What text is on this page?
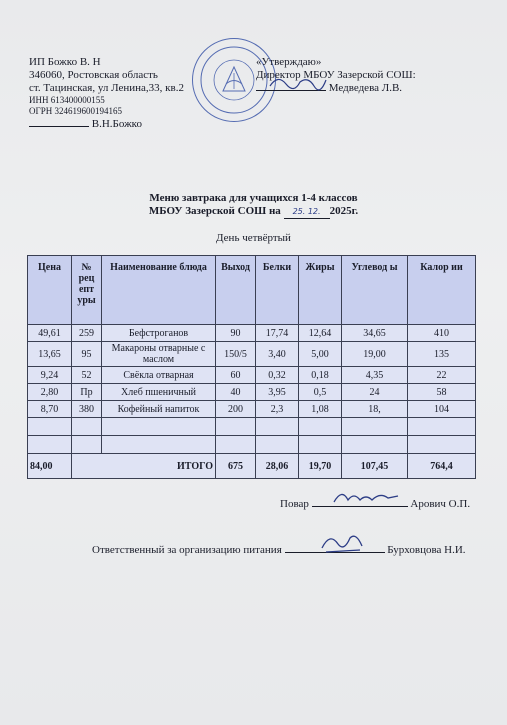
ИП Божко В. Н
346060, Ростовская область
ст. Тацинская, ул Ленина,33, кв.2
ИНН 613400000155
ОГРН 324619600194165
В.Н.Божко
«Утверждаю»
Директор МБОУ Зазерской СОШ:
Медведева Л.В.
Меню завтрака для учащихся 1-4 классов
МБОУ Зазерской СОШ на 25. 12. 2025г.
День четвёртый
Цена	№ рец епт уры	Наименование блюда	Выход	Белки	Жиры	Углевод ы	Калор ии
49,61	259	Бефстроганов	90	17,74	12,64	34,65	410
13,65	95	Макароны отварные с маслом	150/5	3,40	5,00	19,00	135
9,24	52	Свёкла отварная	60	0,32	0,18	4,35	22
2,80	Пр	Хлеб пшеничный	40	3,95	0,5	24	58
8,70	380	Кофейный напиток	200	2,3	1,08	18,	104

84,00	ИТОГО		675	28,06	19,70	107,45	764,4
Повар	Арович О.П.
Ответственный за организацию питания	Бурховцова Н.И.
